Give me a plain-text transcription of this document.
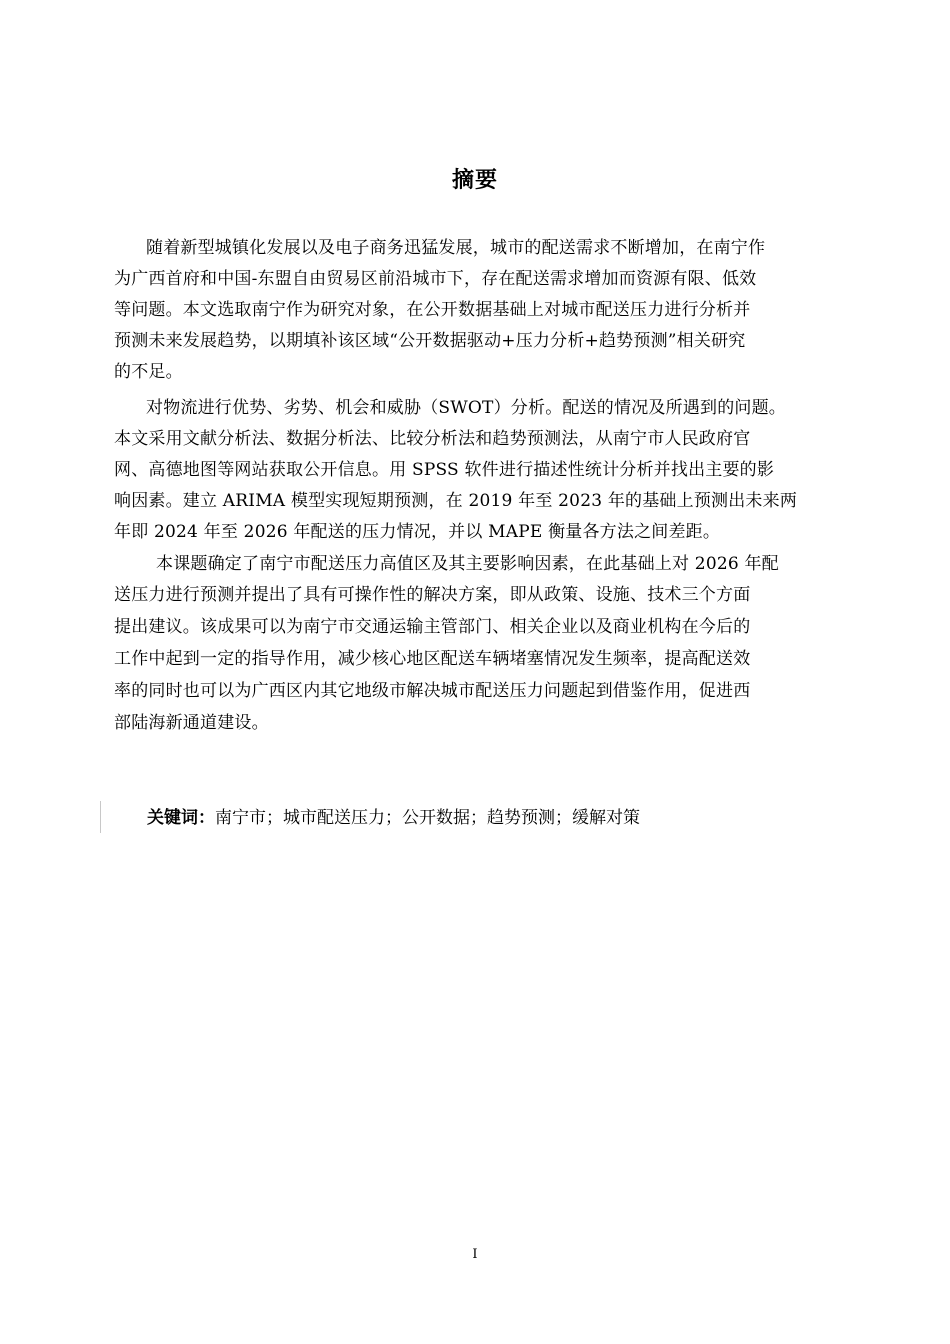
摘要
随着新型城镇化发展以及电子商务迅猛发展，城市的配送需求不断增加，在南宁作
为广西首府和中国-东盟自由贸易区前沿城市下，存在配送需求增加而资源有限、低效
等问题。本文选取南宁作为研究对象，在公开数据基础上对城市配送压力进行分析并
预测未来发展趋势，以期填补该区域“公开数据驱动+压力分析+趋势预测”相关研究
的不足。
对物流进行优势、劣势、机会和威胁（SWOT）分析。配送的情况及所遇到的问题。
本文采用文献分析法、数据分析法、比较分析法和趋势预测法，从南宁市人民政府官
网、高德地图等网站获取公开信息。用 SPSS 软件进行描述性统计分析并找出主要的影
响因素。建立 ARIMA 模型实现短期预测，在 2019 年至 2023 年的基础上预测出未来两
年即 2024 年至 2026 年配送的压力情况，并以 MAPE 衡量各方法之间差距。
本课题确定了南宁市配送压力高值区及其主要影响因素，在此基础上对 2026 年配
送压力进行预测并提出了具有可操作性的解决方案，即从政策、设施、技术三个方面
提出建议。该成果可以为南宁市交通运输主管部门、相关企业以及商业机构在今后的
工作中起到一定的指导作用，减少核心地区配送车辆堵塞情况发生频率，提高配送效
率的同时也可以为广西区内其它地级市解决城市配送压力问题起到借鉴作用，促进西
部陆海新通道建设。
关键词：南宁市；城市配送压力；公开数据；趋势预测；缓解对策
I
